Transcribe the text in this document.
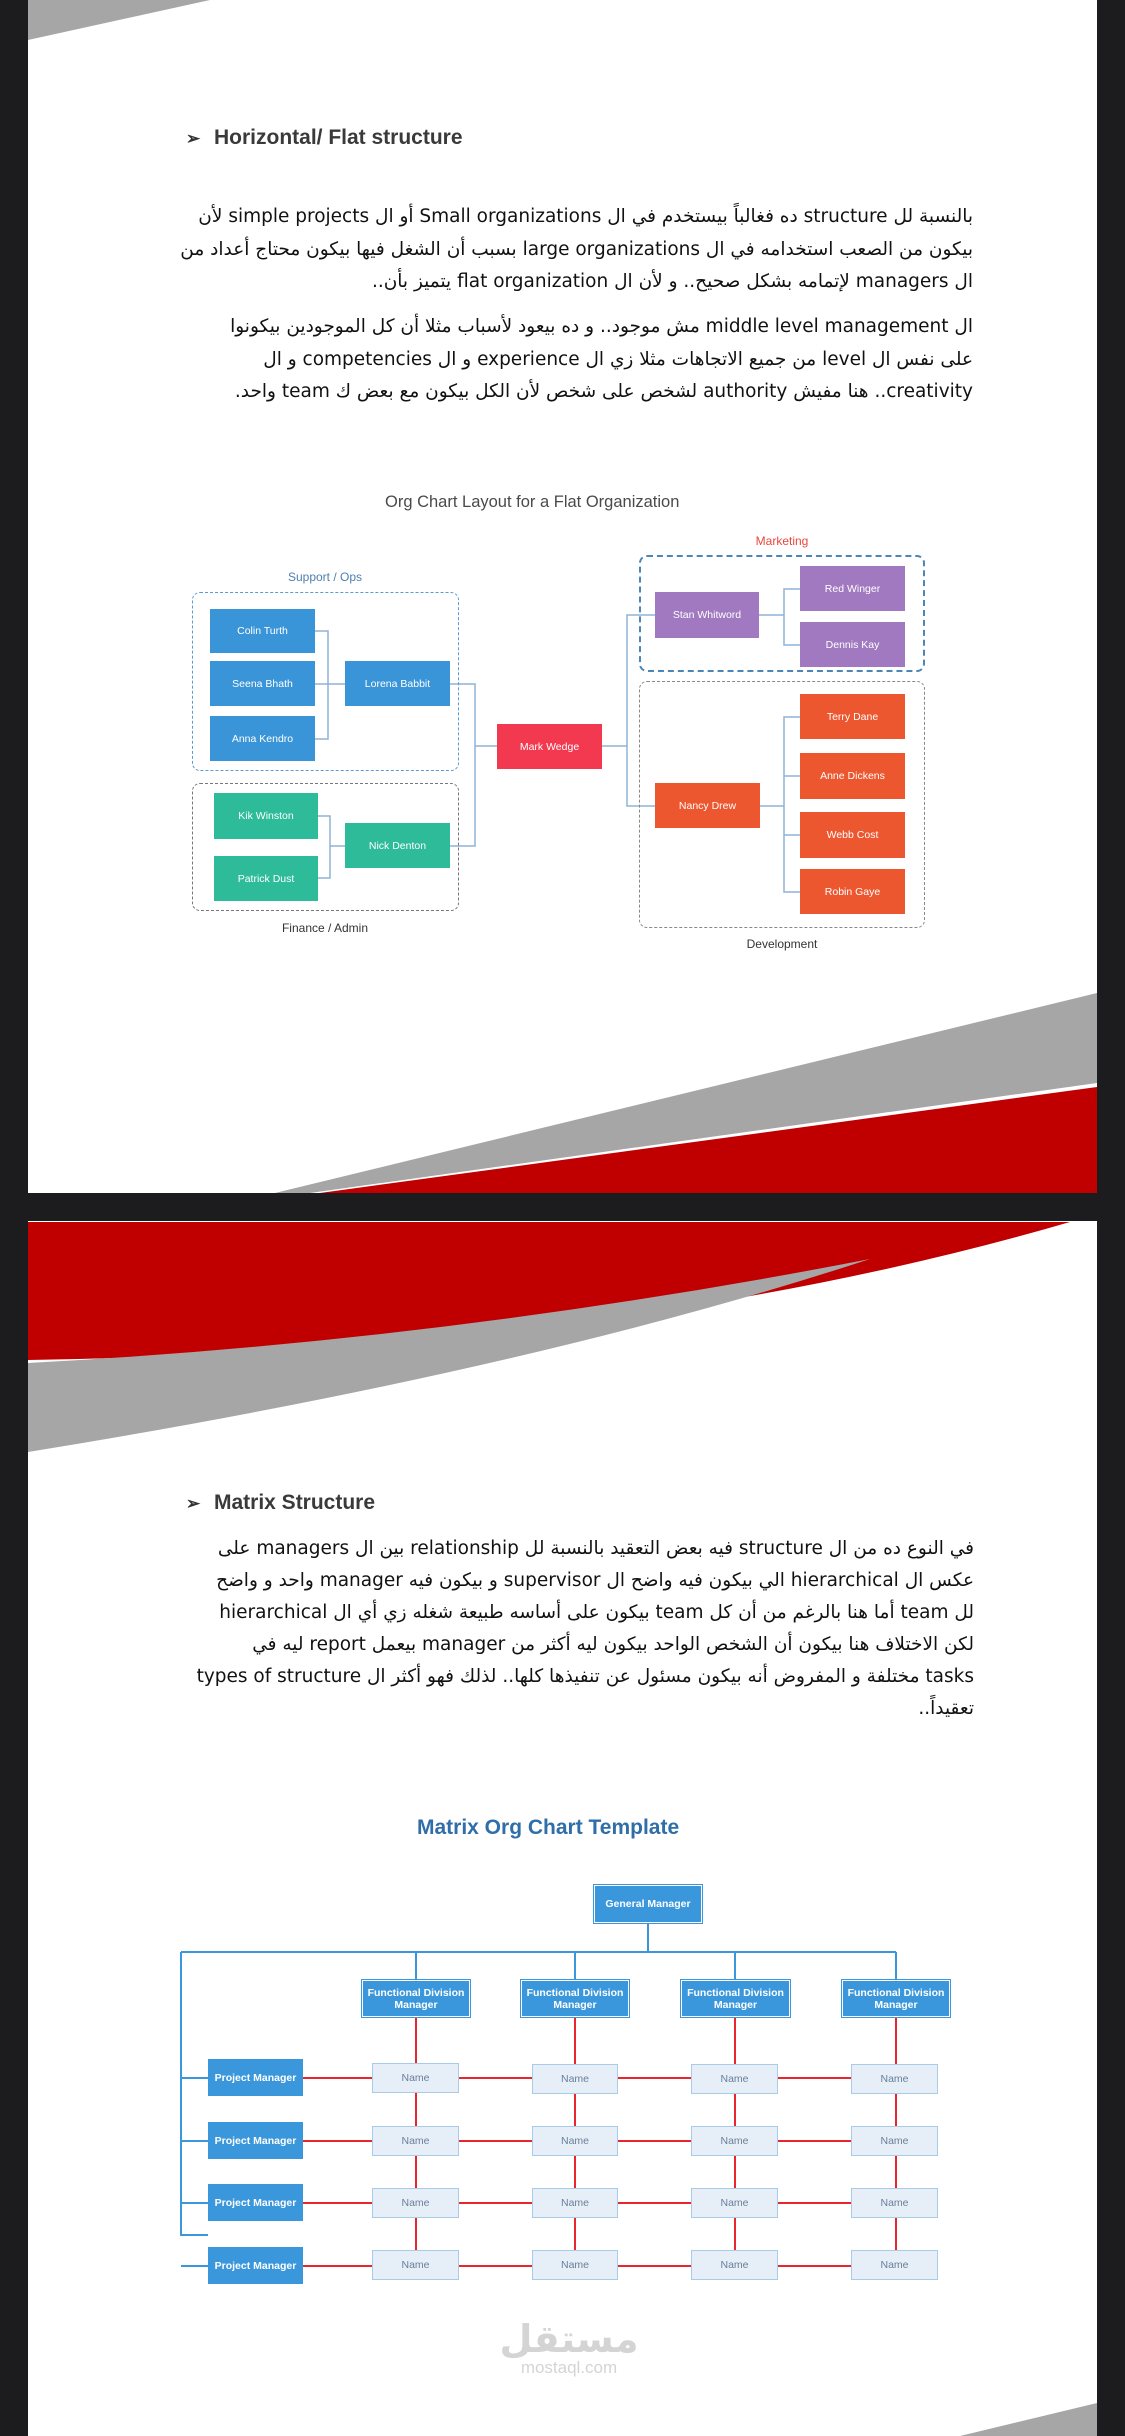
➢ Horizontal/ Flat structure
بالنسبة لل structure ده فغالباً بيستخدم في ال Small organizations أو ال simple projects لأن
بيكون من الصعب استخدامه في ال large organizations بسبب أن الشغل فيها بيكون محتاج أعداد من
ال managers لإتمامه بشكل صحيح.. و لأن ال flat organization يتميز بأن..
ال middle level management مش موجود.. و ده بيعود لأسباب مثلا أن كل الموجودين بيكونوا
على نفس ال level من جميع الاتجاهات مثلا زي ال experience و ال competencies و ال
creativity.. هنا مفيش authority لشخص على شخص لأن الكل بيكون مع بعض ك team واحد.
Org Chart Layout for a Flat Organization
Support / Ops
Finance / Admin
Marketing
Development
Colin Turth
Seena Bhath
Anna Kendro
Lorena Babbit
Kik Winston
Patrick Dust
Nick Denton
Mark Wedge
Stan Whitword
Red Winger
Dennis Kay
Nancy Drew
Terry Dane
Anne Dickens
Webb Cost
Robin Gaye
➢ Matrix Structure
في النوع ده من ال structure فيه بعض التعقيد بالنسبة لل relationship بين ال managers على
عكس ال hierarchical الي بيكون فيه واضح ال supervisor و بيكون فيه manager واحد و واضح
لل team أما هنا بالرغم من أن كل team بيكون على أساسه طبيعة شغله زي أي ال hierarchical
لكن الاختلاف هنا بيكون أن الشخص الواحد بيكون ليه أكثر من manager بيعمل report ليه في
tasks مختلفة و المفروض أنه بيكون مسئول عن تنفيذها كلها.. لذلك فهو أكثر ال types of structure
تعقيداً..
Matrix Org Chart Template
General Manager
Functional Division Manager
Functional Division Manager
Functional Division Manager
Functional Division Manager
Project Manager
Project Manager
Project Manager
Project Manager
Name	Name	Name	Name
Name	Name	Name	Name
Name	Name	Name	Name
Name	Name	Name	Name
مستقل
mostaql.com
